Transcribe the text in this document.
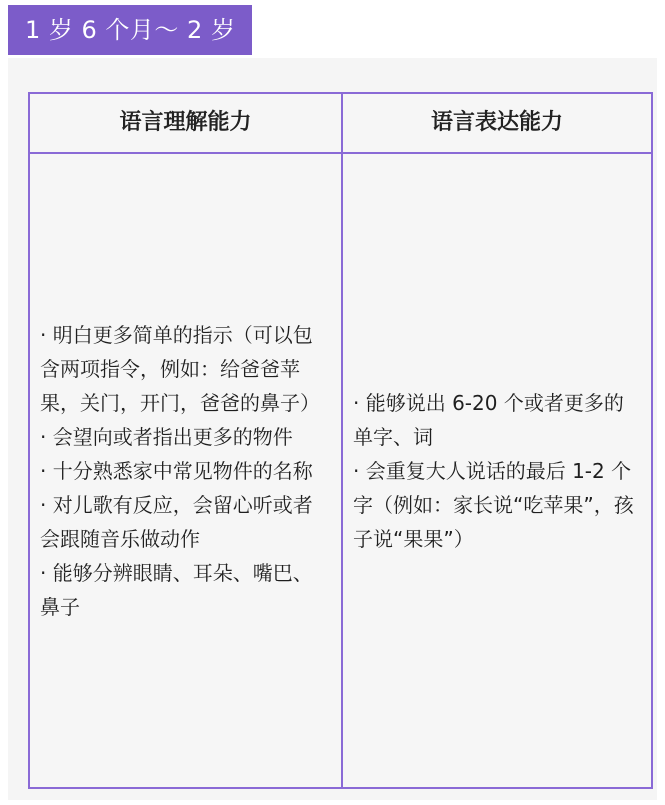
1 岁 6 个月～ 2 岁
语言理解能力	语言表达能力

· 明白更多简单的指示（可以包含两项指令，例如：给爸爸苹果，关门，开门，爸爸的鼻子）

· 会望向或者指出更多的物件

· 十分熟悉家中常见物件的名称

· 对儿歌有反应，会留心听或者会跟随音乐做动作

· 能够分辨眼睛、耳朵、嘴巴、鼻子

· 能够说出 6-20 个或者更多的单字、词

· 会重复大人说话的最后 1-2 个字（例如：家长说“吃苹果”，孩子说“果果”）
